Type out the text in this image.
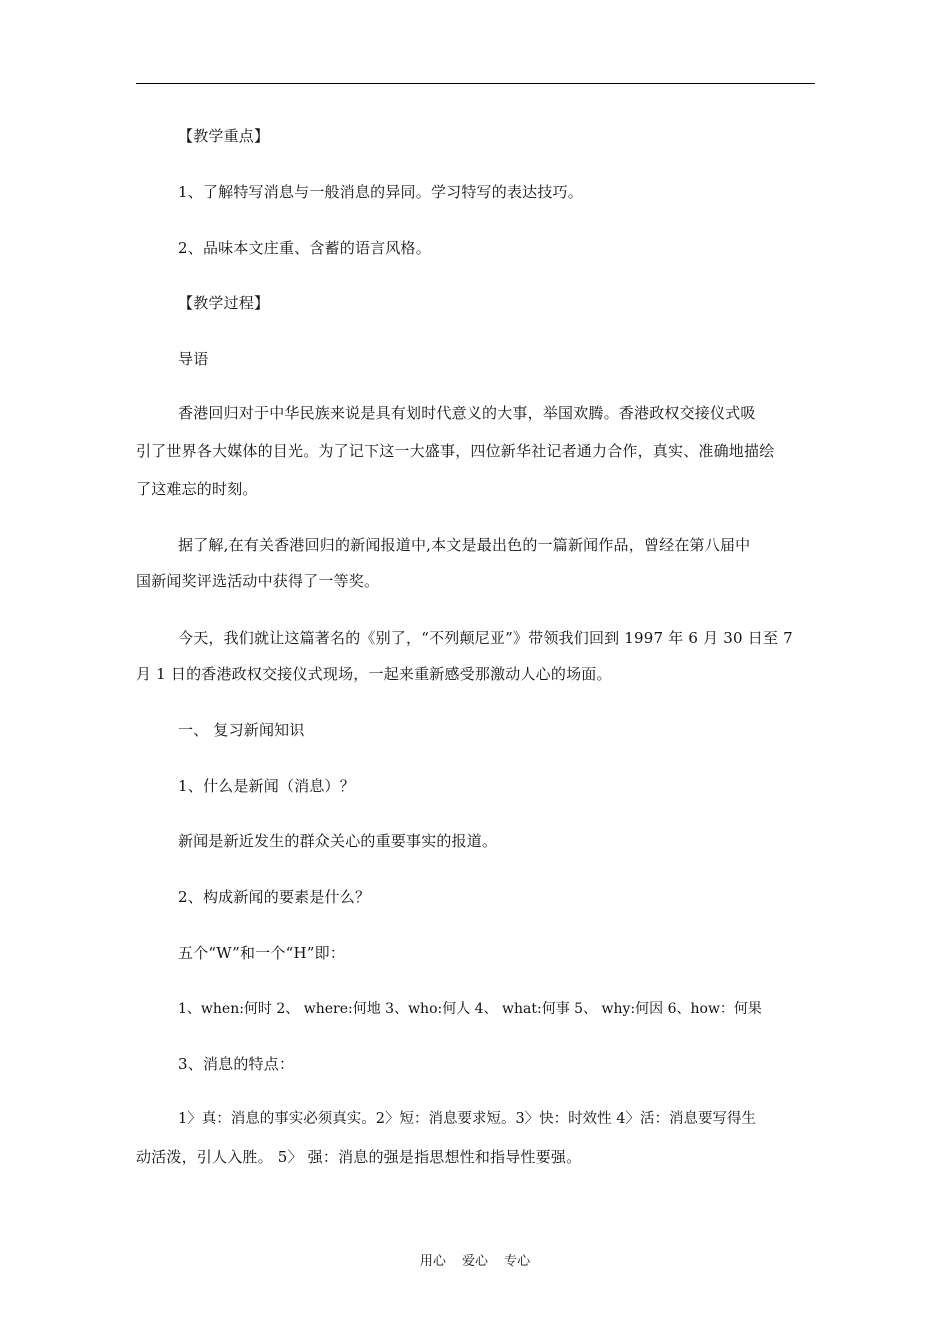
【教学重点】
1、了解特写消息与一般消息的异同。学习特写的表达技巧。
2、品味本文庄重、含蓄的语言风格。
【教学过程】
导语
香港回归对于中华民族来说是具有划时代意义的大事，举国欢腾。香港政权交接仪式吸
引了世界各大媒体的目光。为了记下这一大盛事，四位新华社记者通力合作，真实、准确地描绘
了这难忘的时刻。
据了解,在有关香港回归的新闻报道中,本文是最出色的一篇新闻作品，曾经在第八届中
国新闻奖评选活动中获得了一等奖。
今天，我们就让这篇著名的《别了，“不列颠尼亚”》带领我们回到 1997 年 6 月 30 日至 7
月 1 日的香港政权交接仪式现场，一起来重新感受那激动人心的场面。
一、 复习新闻知识
1、什么是新闻（消息）？
新闻是新近发生的群众关心的重要事实的报道。
2、构成新闻的要素是什么？
五个“W”和一个“H”即：
1、when:何时 2、 where:何地 3、who:何人 4、 what:何事 5、 why:何因 6、how：何果
3、消息的特点：
1〉真：消息的事实必须真实。2〉短：消息要求短。3〉快：时效性 4〉活：消息要写得生
动活泼，引人入胜。 5〉 强：消息的强是指思想性和指导性要强。
用心 爱心 专心
